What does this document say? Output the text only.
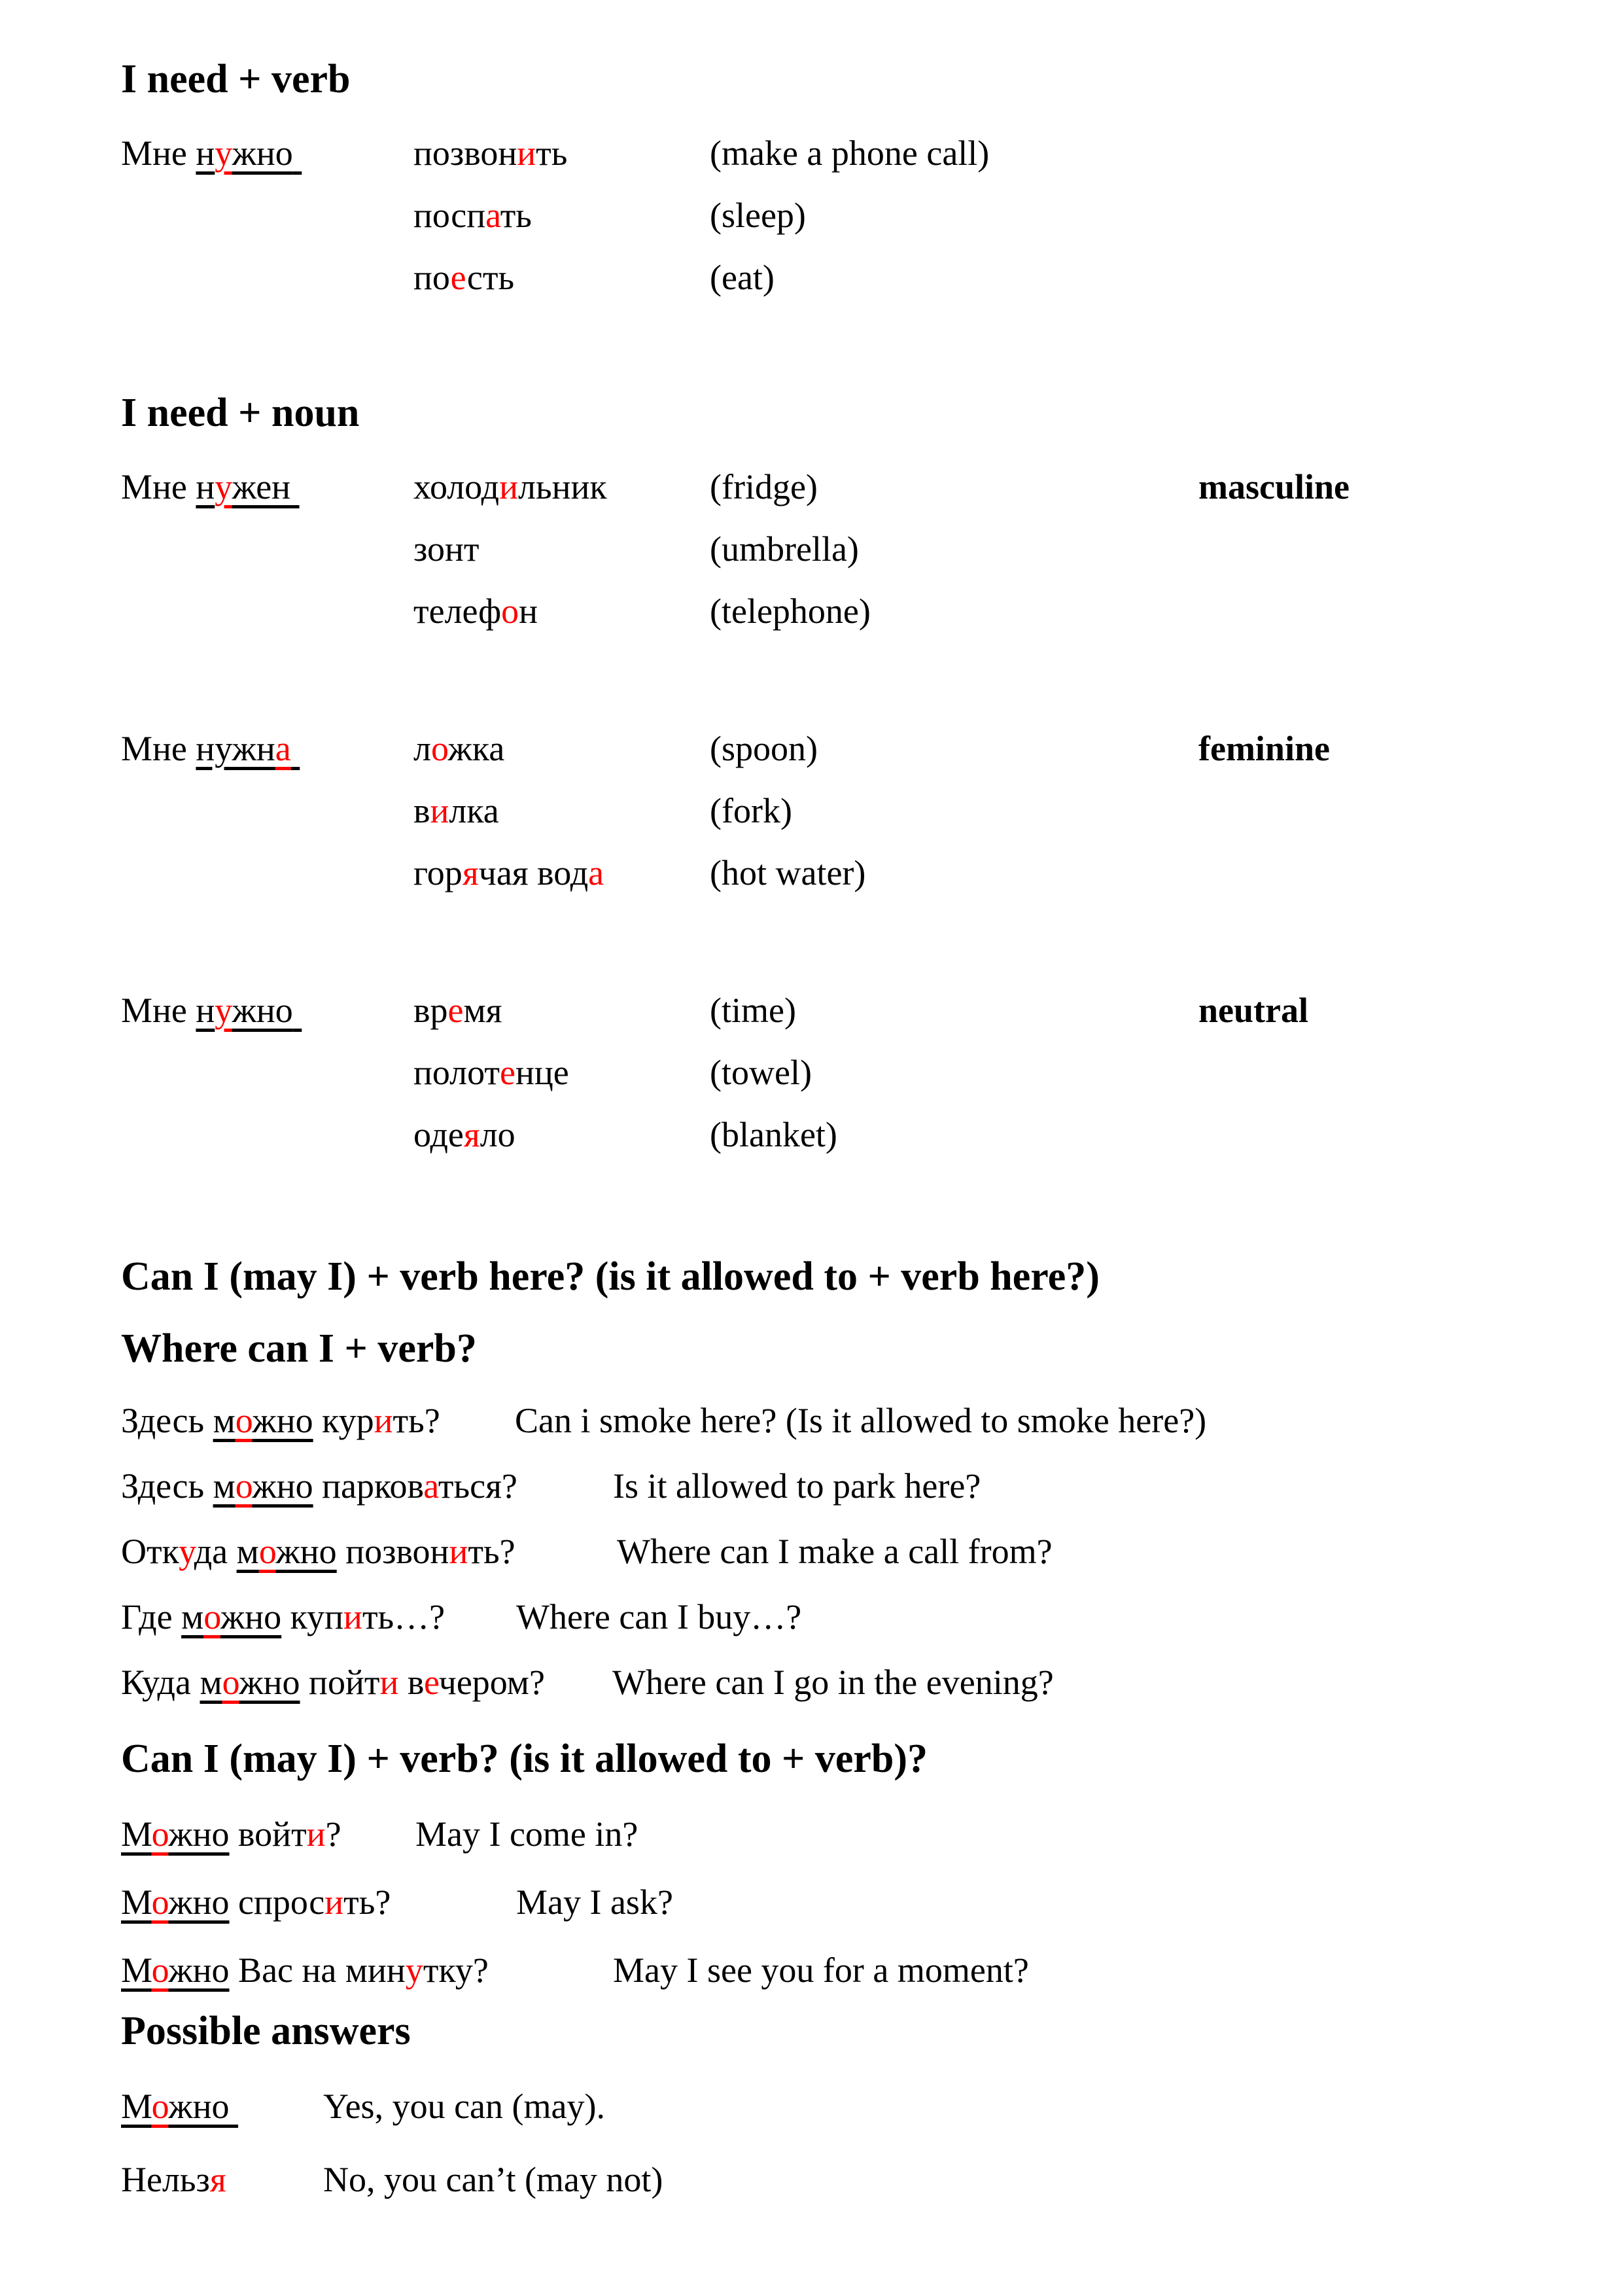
I need + verb
Мне нужно	позвонить	(make a phone call)
поспать	(sleep)
поесть	(eat)
I need + noun
Мне нужен	холодильник	(fridge)	masculine
зонт	(umbrella)
телефон	(telephone)
Мне нужна	ложка	(spoon)	feminine
вилка	(fork)
горячая вода	(hot water)
Мне нужно	время	(time)	neutral
полотенце	(towel)
одеяло	(blanket)
Can I (may I) + verb here? (is it allowed to + verb here?)
Where can I + verb?
Здесь можно курить? Can i smoke here? (Is it allowed to smoke here?)
Здесь можно парковаться?	Is it allowed to park here?
Откуда можно позвонить?	Where can I make a call from?
Где можно купить…? Where can I buy…?
Куда можно пойти вечером? Where can I go in the evening?
Can I (may I) + verb? (is it allowed to + verb)?
Можно войти? May I come in?
Можно спросить?	May I ask?
Можно Вас на минутку?	May I see you for a moment?
Possible answers
Можно	Yes, you can (may).
Нельзя	No, you can’t (may not)
